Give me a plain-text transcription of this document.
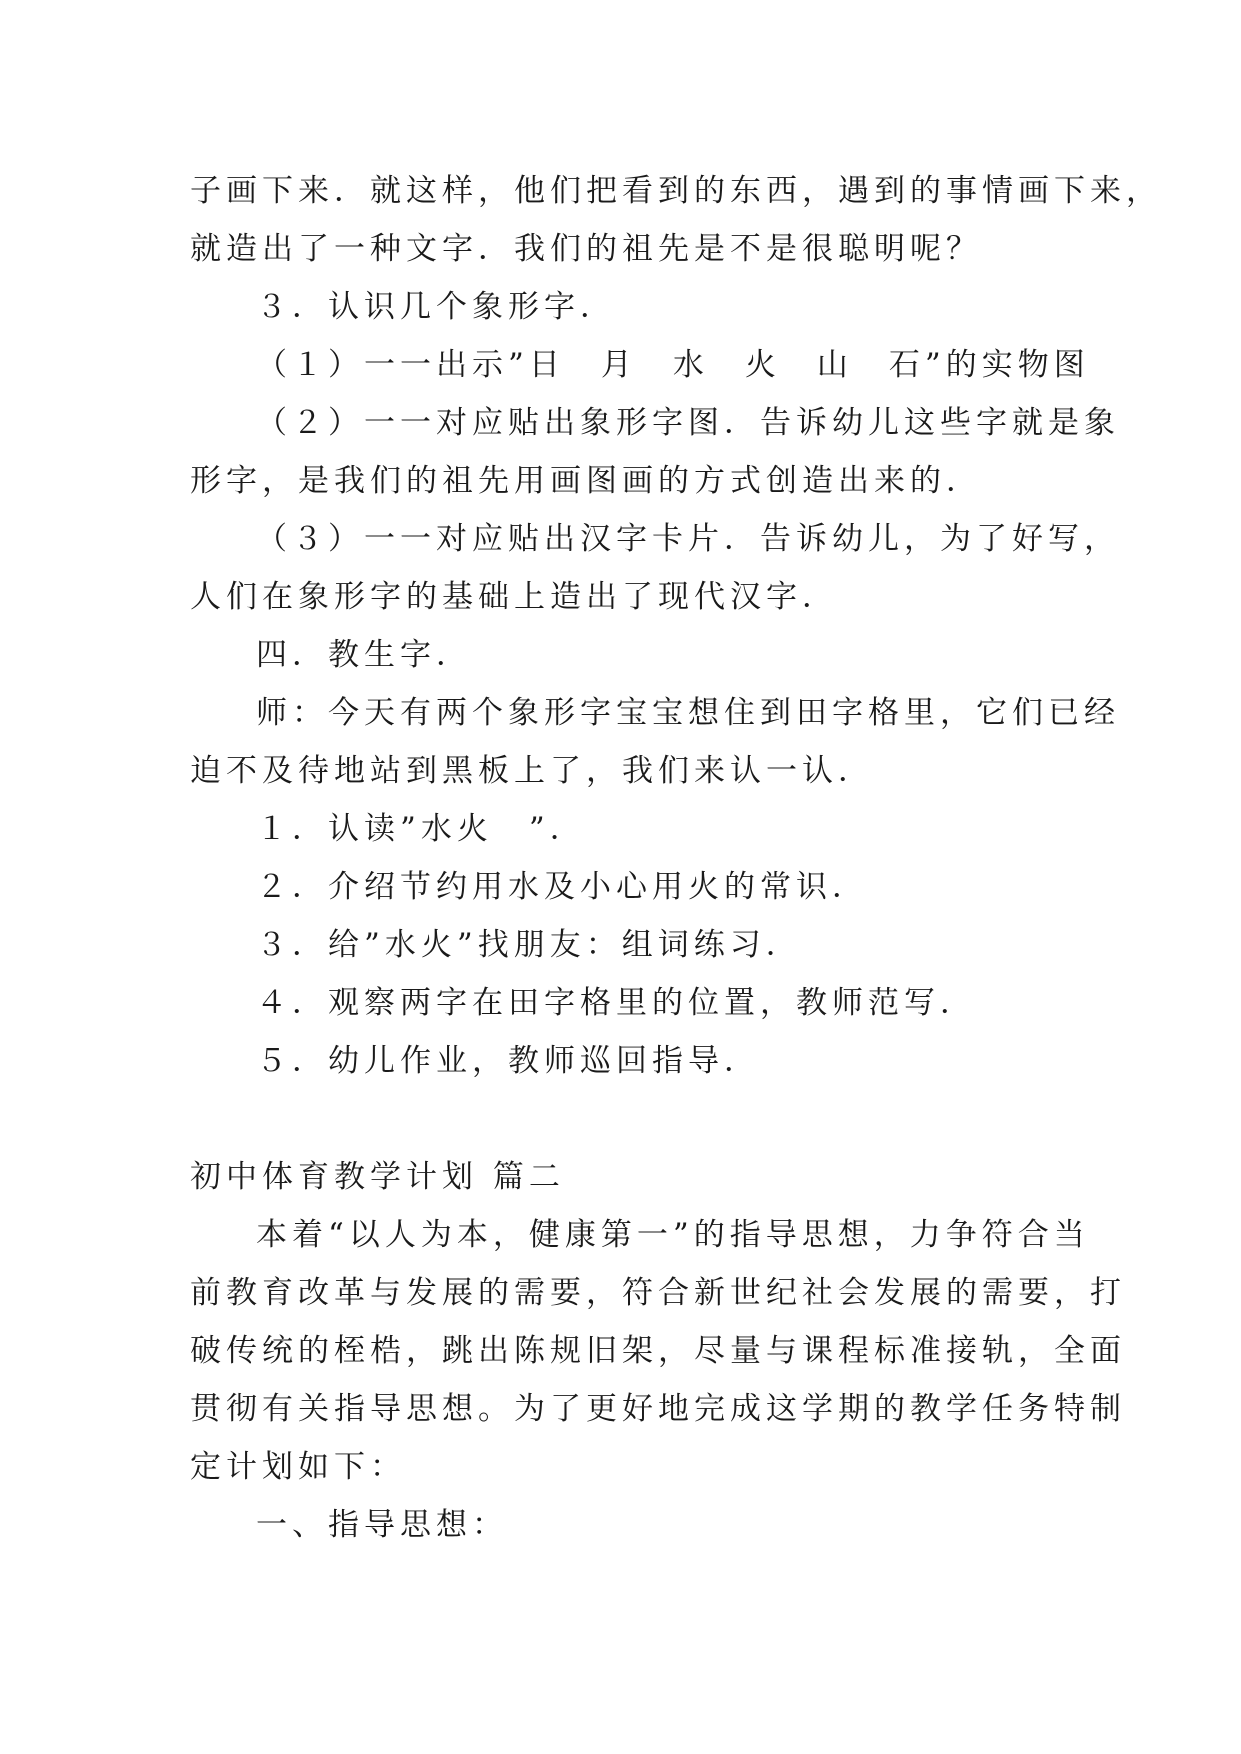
子画下来．就这样，他们把看到的东西，遇到的事情画下来，
就造出了一种文字．我们的祖先是不是很聪明呢？
３．认识几个象形字．
（１）一一出示”日　月　水　火　山　石”的实物图
（２）一一对应贴出象形字图．告诉幼儿这些字就是象
形字，是我们的祖先用画图画的方式创造出来的．
（３）一一对应贴出汉字卡片．告诉幼儿，为了好写，
人们在象形字的基础上造出了现代汉字．
四．教生字．
师：今天有两个象形字宝宝想住到田字格里，它们已经
迫不及待地站到黑板上了，我们来认一认．
１．认读”水火　”．
２．介绍节约用水及小心用火的常识．
３．给”水火”找朋友：组词练习．
４．观察两字在田字格里的位置，教师范写．
５．幼儿作业，教师巡回指导．
初中体育教学计划 篇二
本着“以人为本，健康第一”的指导思想，力争符合当
前教育改革与发展的需要，符合新世纪社会发展的需要，打
破传统的桎梏，跳出陈规旧架，尽量与课程标准接轨，全面
贯彻有关指导思想。为了更好地完成这学期的教学任务特制
定计划如下：
一、指导思想：
